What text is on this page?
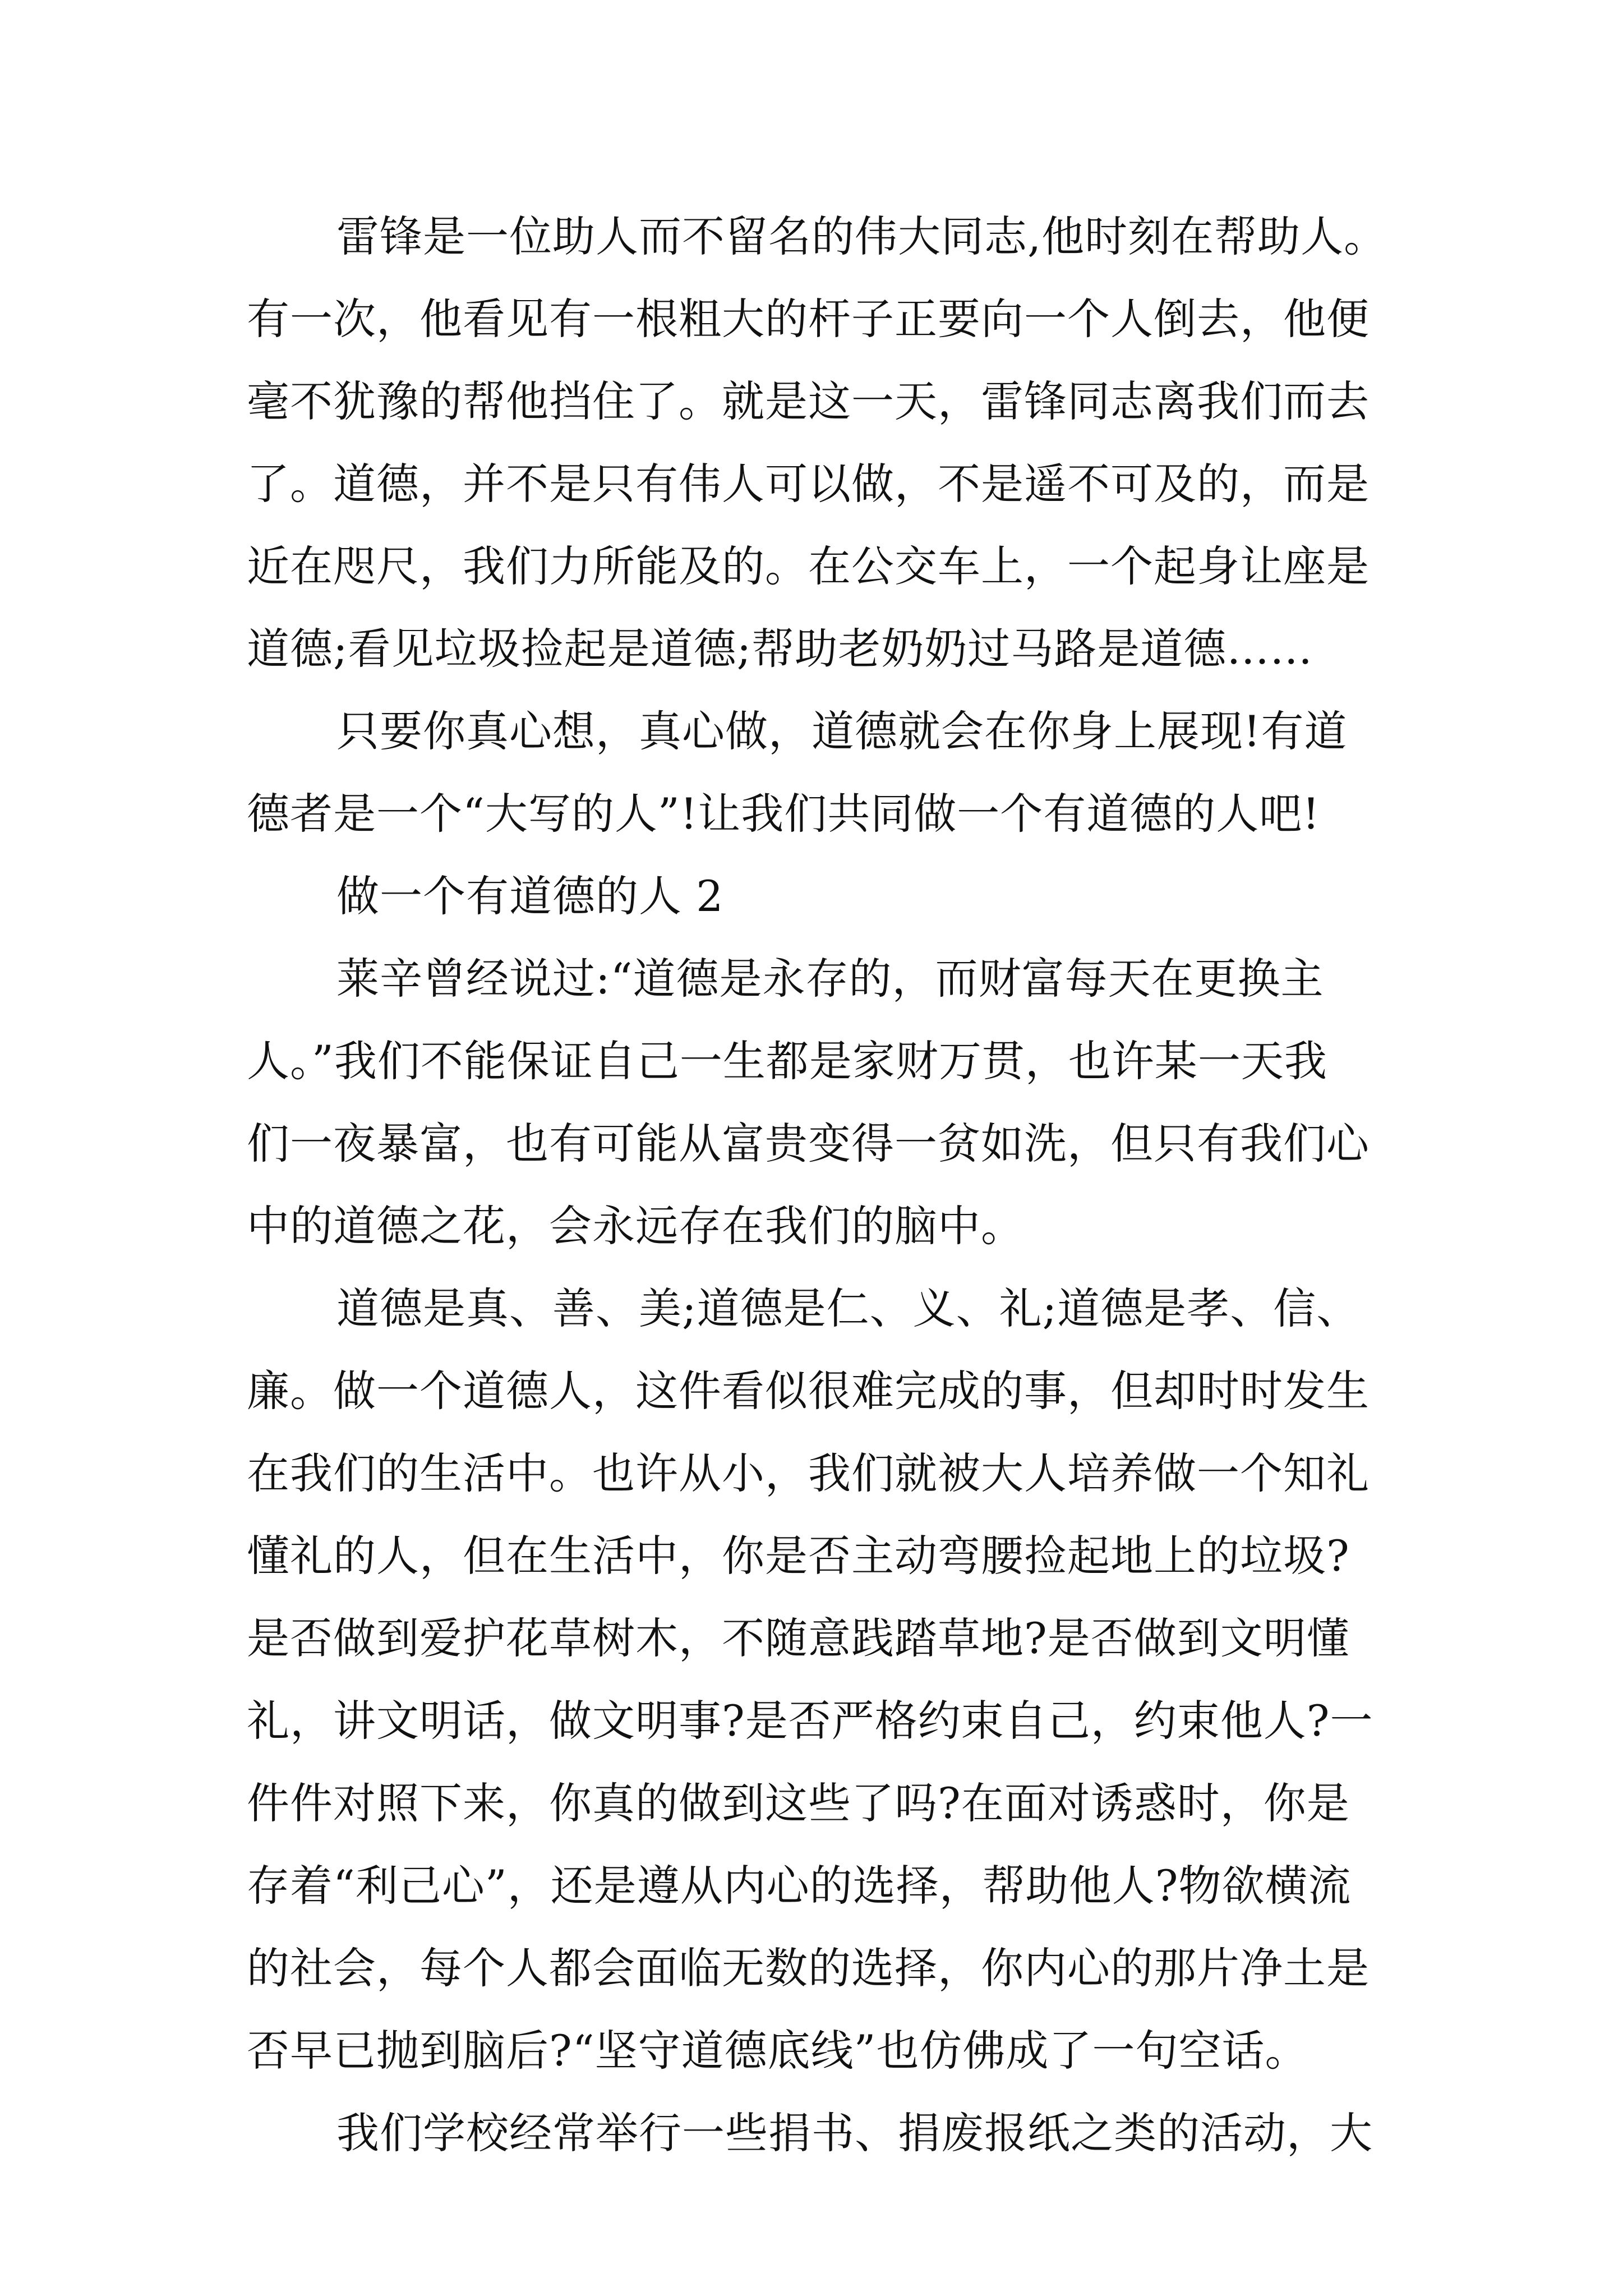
雷锋是一位助人而不留名的伟大同志,他时刻在帮助人。
有一次，他看见有一根粗大的杆子正要向一个人倒去，他便
毫不犹豫的帮他挡住了。就是这一天，雷锋同志离我们而去
了。道德，并不是只有伟人可以做，不是遥不可及的，而是
近在咫尺，我们力所能及的。在公交车上，一个起身让座是
道德;看见垃圾捡起是道德;帮助老奶奶过马路是道德……
只要你真心想，真心做，道德就会在你身上展现!有道
德者是一个“大写的人”!让我们共同做一个有道德的人吧!
做一个有道德的人 2
莱辛曾经说过:“道德是永存的，而财富每天在更换主
人。”我们不能保证自己一生都是家财万贯，也许某一天我
们一夜暴富，也有可能从富贵变得一贫如洗，但只有我们心
中的道德之花，会永远存在我们的脑中。
道德是真、善、美;道德是仁、义、礼;道德是孝、信、
廉。做一个道德人，这件看似很难完成的事，但却时时发生
在我们的生活中。也许从小，我们就被大人培养做一个知礼
懂礼的人，但在生活中，你是否主动弯腰捡起地上的垃圾?
是否做到爱护花草树木，不随意践踏草地?是否做到文明懂
礼，讲文明话，做文明事?是否严格约束自己，约束他人?一
件件对照下来，你真的做到这些了吗?在面对诱惑时，你是
存着“利己心”，还是遵从内心的选择，帮助他人?物欲横流
的社会，每个人都会面临无数的选择，你内心的那片净土是
否早已抛到脑后?“坚守道德底线”也仿佛成了一句空话。
我们学校经常举行一些捐书、捐废报纸之类的活动，大
